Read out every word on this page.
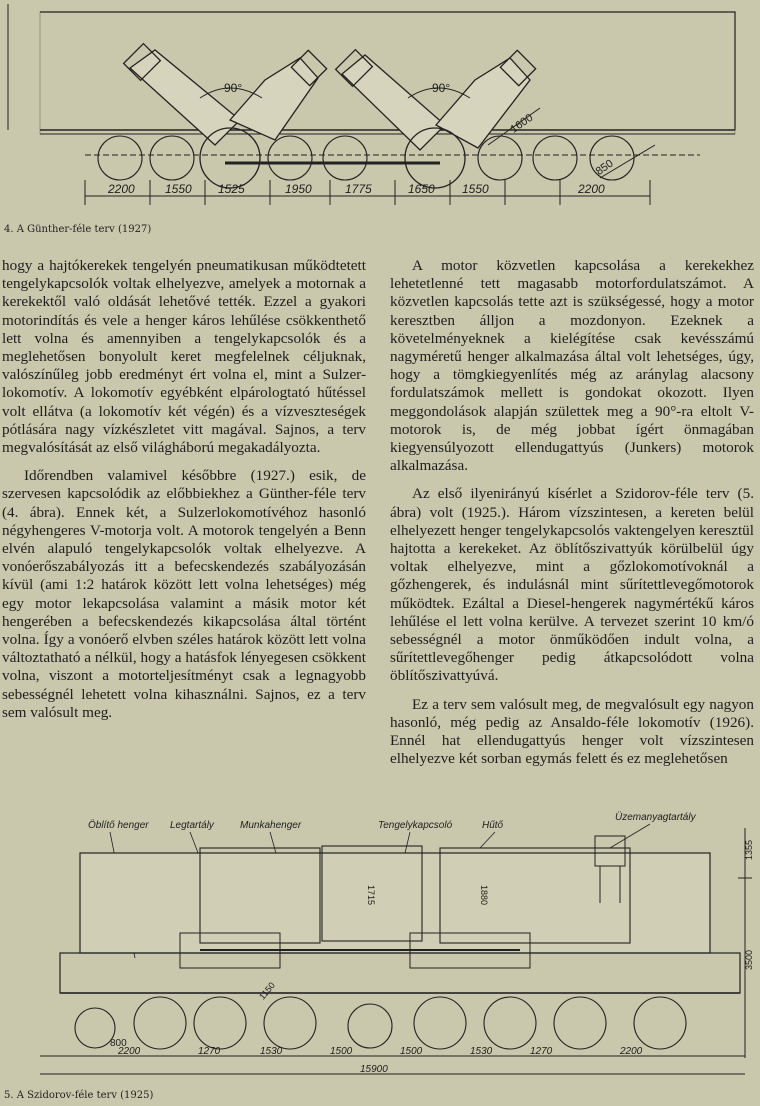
90°	90°
1600
850
2200	1550 1525	1950	1775	1650 1550	2200
4. A Günther-féle terv (1927)

hogy a hajtókerekek tengelyén pneumatikusan működtetett tengelykapcsolók voltak elhelyezve, amelyek a motornak a kerekektől való oldását lehetővé tették. Ezzel a gyakori motorindítás és vele a henger káros lehűlése csökkenthető lett volna és amennyiben a tengelykapcsolók és a meglehetősen bonyolult keret megfelelnek céljuknak, valószínűleg jobb eredményt ért volna el, mint a Sulzer-lokomotív. A lokomotív egyébként elpárologtató hűtéssel volt ellátva (a lokomotív két végén) és a vízveszteségek pótlására nagy vízkészletet vitt magával. Sajnos, a terv megvalósítását az első világháború megakadályozta.

Időrendben valamivel későbbre (1927.) esik, de szervesen kapcsolódik az előbbiekhez a Günther-féle terv (4. ábra). Ennek két, a Sulzerlokomotívéhoz hasonló négyhengeres V-motorja volt. A motorok tengelyén a Benn elvén alapuló tengelykapcsolók voltak elhelyezve. A vonóerőszabályozás itt a befecskendezés szabályozásán kívül (ami 1:2 határok között lett volna lehetséges) még egy motor lekapcsolása valamint a másik motor két hengerében a befecskendezés kikapcsolása által történt volna. Így a vonóerő elvben széles határok között lett volna változtatható a nélkül, hogy a hatásfok lényegesen csökkent volna, viszont a motorteljesítményt csak a legnagyobb sebességnél lehetett volna kihasználni. Sajnos, ez a terv sem valósult meg.

A motor közvetlen kapcsolása a kerekekhez lehetetlenné tett magasabb motorfordulatszámot. A közvetlen kapcsolás tette azt is szükségessé, hogy a motor keresztben álljon a mozdonyon. Ezeknek a követelményeknek a kielégítése csak kevésszámú nagyméretű henger alkalmazása által volt lehetséges, úgy, hogy a tömgkiegyenlítés még az aránylag alacsony fordulatszámok mellett is gondokat okozott. Ilyen meggondolások alapján születtek meg a 90°-ra eltolt V-motorok is, de még jobbat ígért önmagában kiegyensúlyozott ellendugattyús (Junkers) motorok alkalmazása.

Az első ilyenirányú kísérlet a Szidorov-féle terv (5. ábra) volt (1925.). Három vízszintesen, a kereten belül elhelyezett henger tengelykapcsolós vaktengelyen keresztül hajtotta a kerekeket. Az öblítőszivattyúk körülbelül úgy voltak elhelyezve, mint a gőzlokomotívoknál a gőzhengerek, és indulásnál mint sűrítettlevegőmotorok működtek. Ezáltal a Diesel-hengerek nagymértékű káros lehűlése el lett volna kerülve. A tervezet szerint 10 km/ó sebességnél a motor önműködően indult volna, a sűrítettlevegőhenger pedig átkapcsolódott volna öblítőszivattyúvá.

Ez a terv sem valósult meg, de megvalósult egy nagyon hasonló, még pedig az Ansaldo-féle lokomotív (1926). Ennél hat ellendugattyús henger volt vízszintesen elhelyezve két sorban egymás felett és ez meglehetősen

Öblítő henger Legtartály	Munkahenger	Tengelykapcsoló	Hűtő
Üzemanyagtartály
1715	1880
800
1150
1355
3500
2200	1270	1530	1500	1500	1530	1270	2200
15900
5. A Szidorov-féle terv (1925)
